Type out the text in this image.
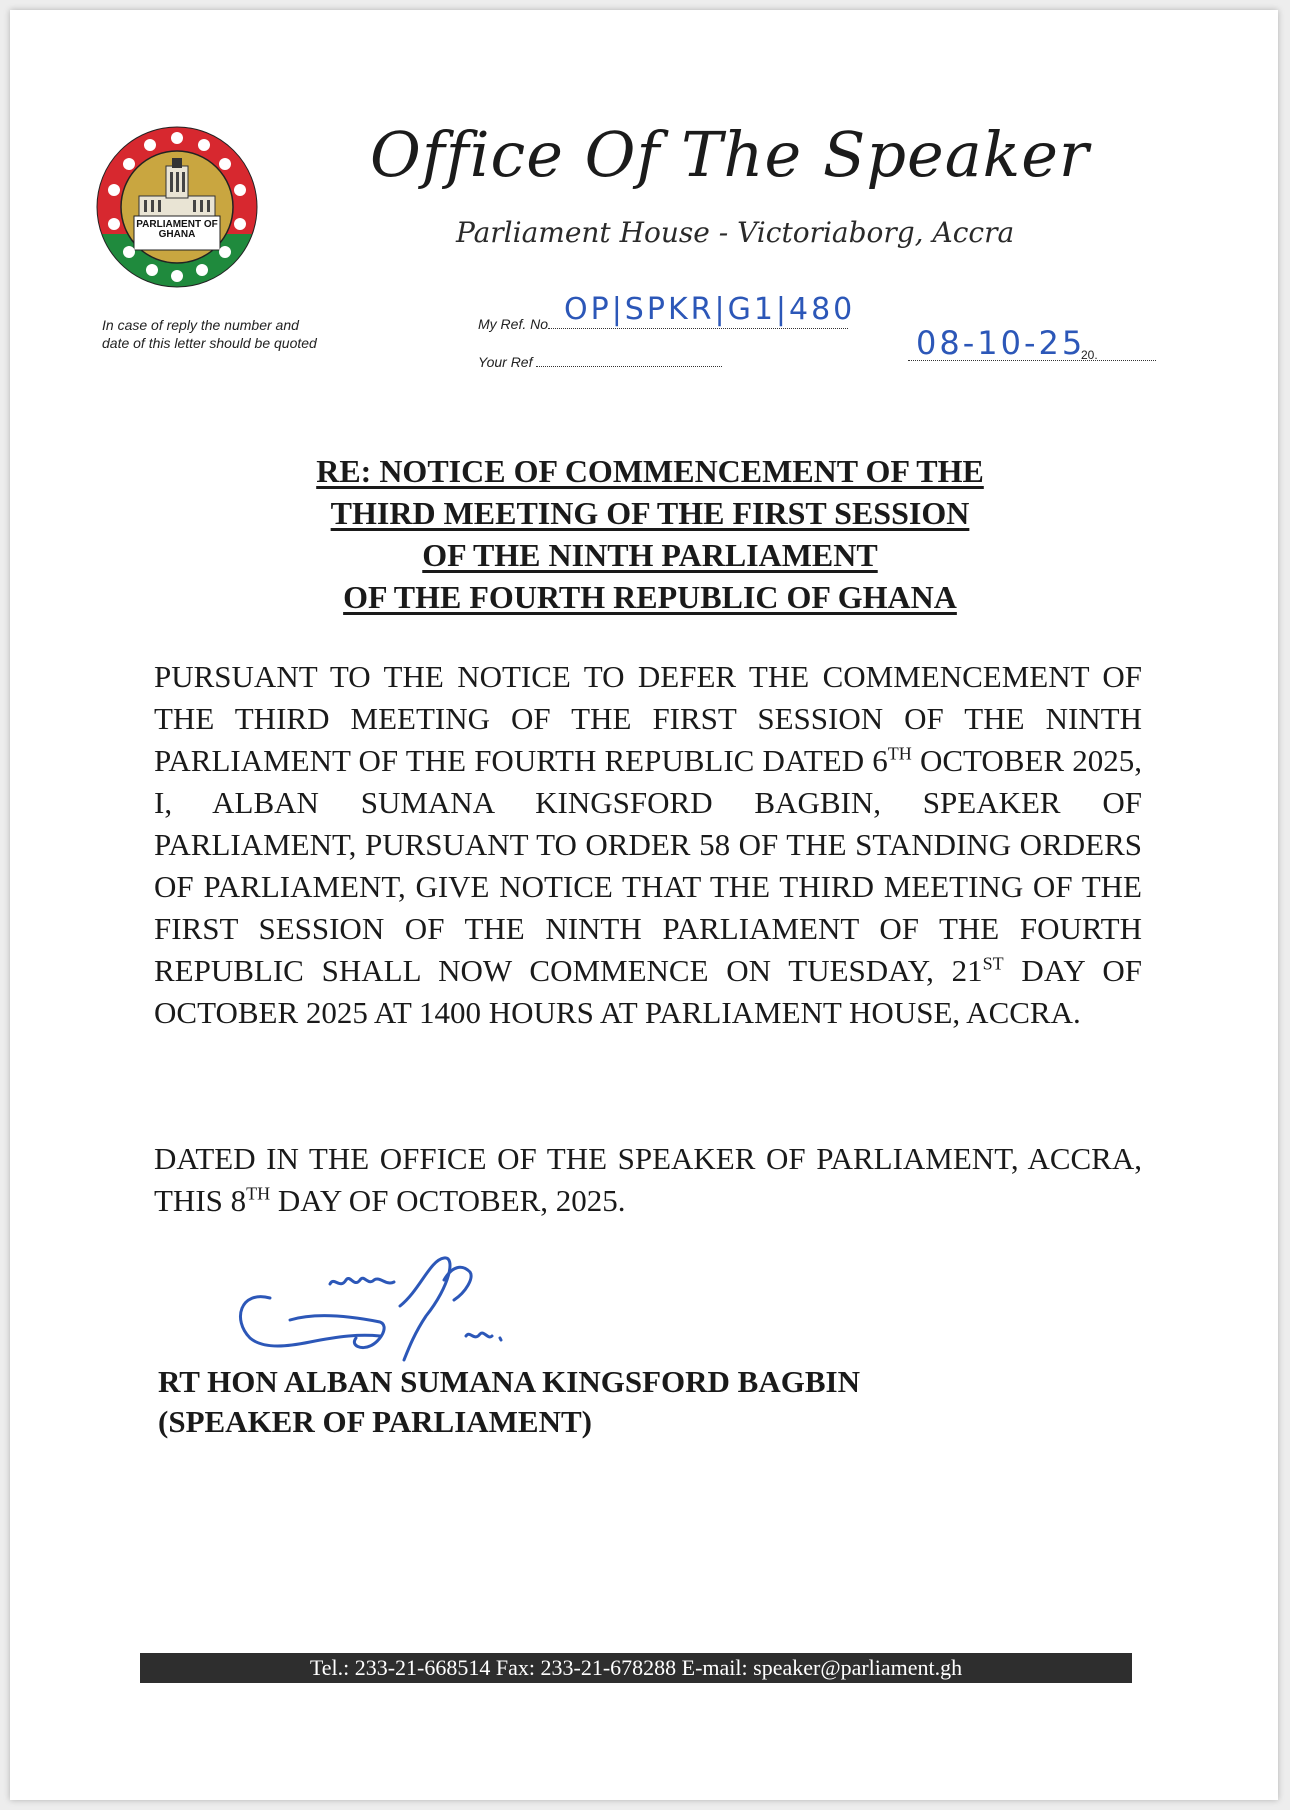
PARLIAMENT OF GHANA
In case of reply the number and date of this letter should be quoted
Office Of The Speaker
Parliament House - Victoriaborg, Accra
My Ref. No OP|SPKR|G1|480
Your Ref	08-10-25
20.
RE: NOTICE OF COMMENCEMENT OF THE
THIRD MEETING OF THE FIRST SESSION
OF THE NINTH PARLIAMENT
OF THE FOURTH REPUBLIC OF GHANA
PURSUANT TO THE NOTICE TO DEFER THE COMMENCEMENT OF THE THIRD MEETING OF THE FIRST SESSION OF THE NINTH PARLIAMENT OF THE FOURTH REPUBLIC DATED 6TH OCTOBER 2025, I, ALBAN SUMANA KINGSFORD BAGBIN, SPEAKER OF PARLIAMENT, PURSUANT TO ORDER 58 OF THE STANDING ORDERS OF PARLIAMENT, GIVE NOTICE THAT THE THIRD MEETING OF THE FIRST SESSION OF THE NINTH PARLIAMENT OF THE FOURTH REPUBLIC SHALL NOW COMMENCE ON TUESDAY, 21ST DAY OF OCTOBER 2025 AT 1400 HOURS AT PARLIAMENT HOUSE, ACCRA.
DATED IN THE OFFICE OF THE SPEAKER OF PARLIAMENT, ACCRA, THIS 8TH DAY OF OCTOBER, 2025.
RT HON ALBAN SUMANA KINGSFORD BAGBIN
(SPEAKER OF PARLIAMENT)
Tel.: 233-21-668514 Fax: 233-21-678288 E-mail: speaker@parliament.gh
